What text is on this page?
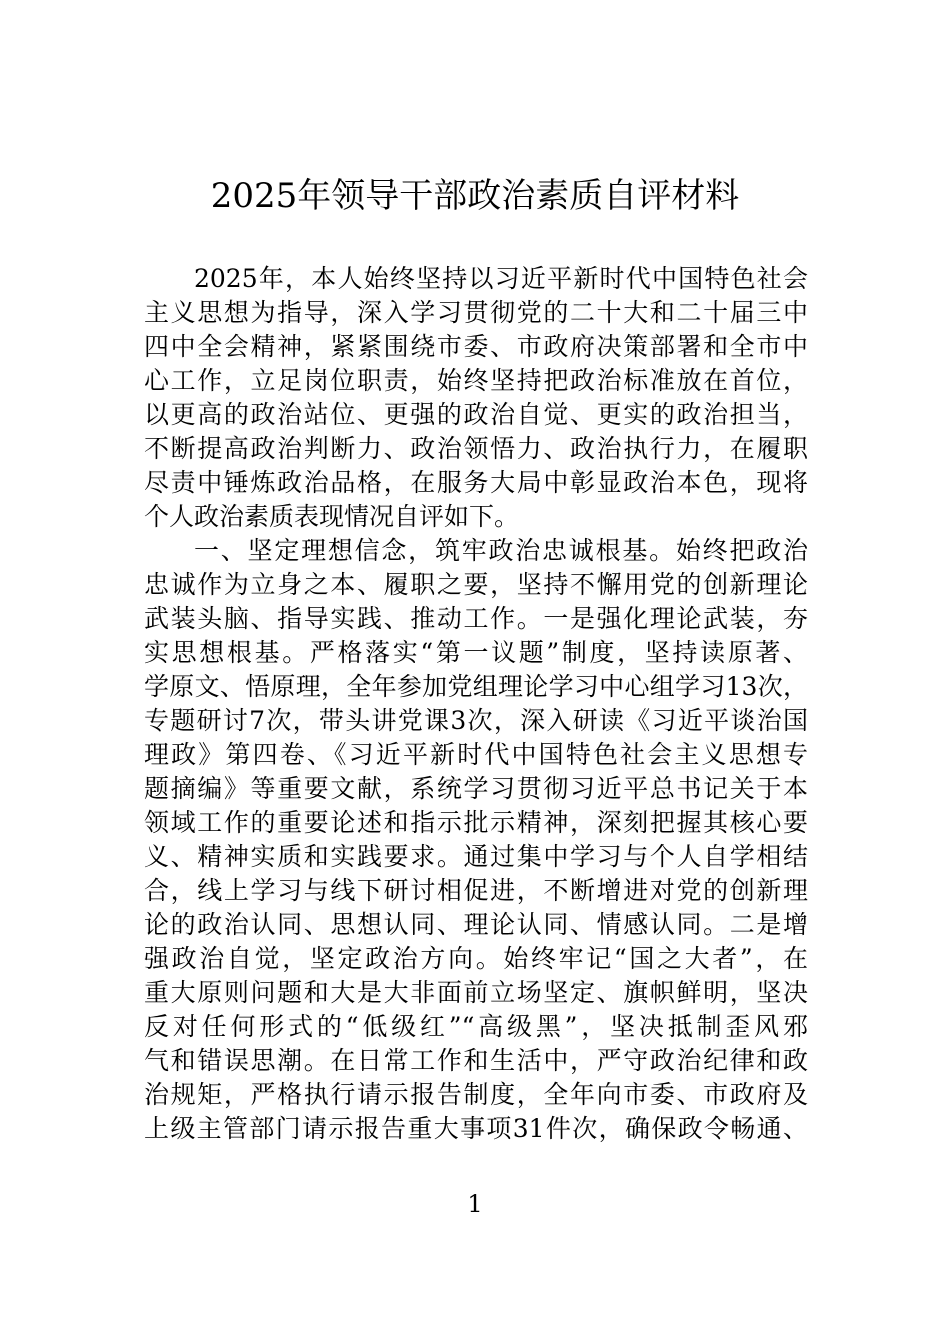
2025年领导干部政治素质自评材料
2025年，本人始终坚持以习近平新时代中国特色社会
主义思想为指导，深入学习贯彻党的二十大和二十届三中
四中全会精神，紧紧围绕市委、市政府决策部署和全市中
心工作，立足岗位职责，始终坚持把政治标准放在首位，
以更高的政治站位、更强的政治自觉、更实的政治担当，
不断提高政治判断力、政治领悟力、政治执行力，在履职
尽责中锤炼政治品格，在服务大局中彰显政治本色，现将
个人政治素质表现情况自评如下。
一、坚定理想信念，筑牢政治忠诚根基。始终把政治
忠诚作为立身之本、履职之要，坚持不懈用党的创新理论
武装头脑、指导实践、推动工作。一是强化理论武装，夯
实思想根基。严格落实“第一议题”制度，坚持读原著、
学原文、悟原理，全年参加党组理论学习中心组学习13次，
专题研讨7次，带头讲党课3次，深入研读《习近平谈治国
理政》第四卷、《习近平新时代中国特色社会主义思想专
题摘编》等重要文献，系统学习贯彻习近平总书记关于本
领域工作的重要论述和指示批示精神，深刻把握其核心要
义、精神实质和实践要求。通过集中学习与个人自学相结
合，线上学习与线下研讨相促进，不断增进对党的创新理
论的政治认同、思想认同、理论认同、情感认同。二是增
强政治自觉，坚定政治方向。始终牢记“国之大者”，在
重大原则问题和大是大非面前立场坚定、旗帜鲜明，坚决
反对任何形式的“低级红”“高级黑”，坚决抵制歪风邪
气和错误思潮。在日常工作和生活中，严守政治纪律和政
治规矩，严格执行请示报告制度，全年向市委、市政府及
上级主管部门请示报告重大事项31件次，确保政令畅通、
1
